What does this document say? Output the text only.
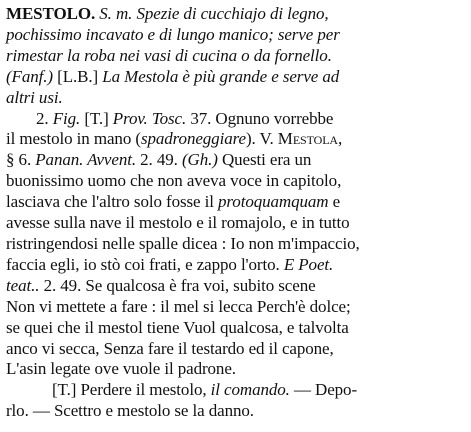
MESTOLO. S. m. Spezie di cucchiajo di legno,
pochissimo incavato e di lungo manico; serve per
rimestar la roba nei vasi di cucina o da fornello.
(Fanf.) [L.B.] La Mestola è più grande e serve ad
altri usi.
2. Fig. [T.] Prov. Tosc. 37. Ognuno vorrebbe
il mestolo in mano (spadroneggiare). V. Mestola,
§ 6. Panan. Avvent. 2. 49. (Gh.) Questi era un
buonissimo uomo che non aveva voce in capitolo,
lasciava che l'altro solo fosse il protoquamquam e
avesse sulla nave il mestolo e il romajolo, e in tutto
ristringendosi nelle spalle dicea : Io non m'impaccio,
faccia egli, io stò coi frati, e zappo l'orto. E Poet.
teat.. 2. 49. Se qualcosa è fra voi, subito scene
Non vi mettete a fare : il mel si lecca Perch'è dolce;
se quei che il mestol tiene Vuol qualcosa, e talvolta
anco vi secca, Senza fare il testardo ed il capone,
L'asin legate ove vuole il padrone.
[T.] Perdere il mestolo, il comando. — Depo-
rlo. — Scettro e mestolo se la danno.
